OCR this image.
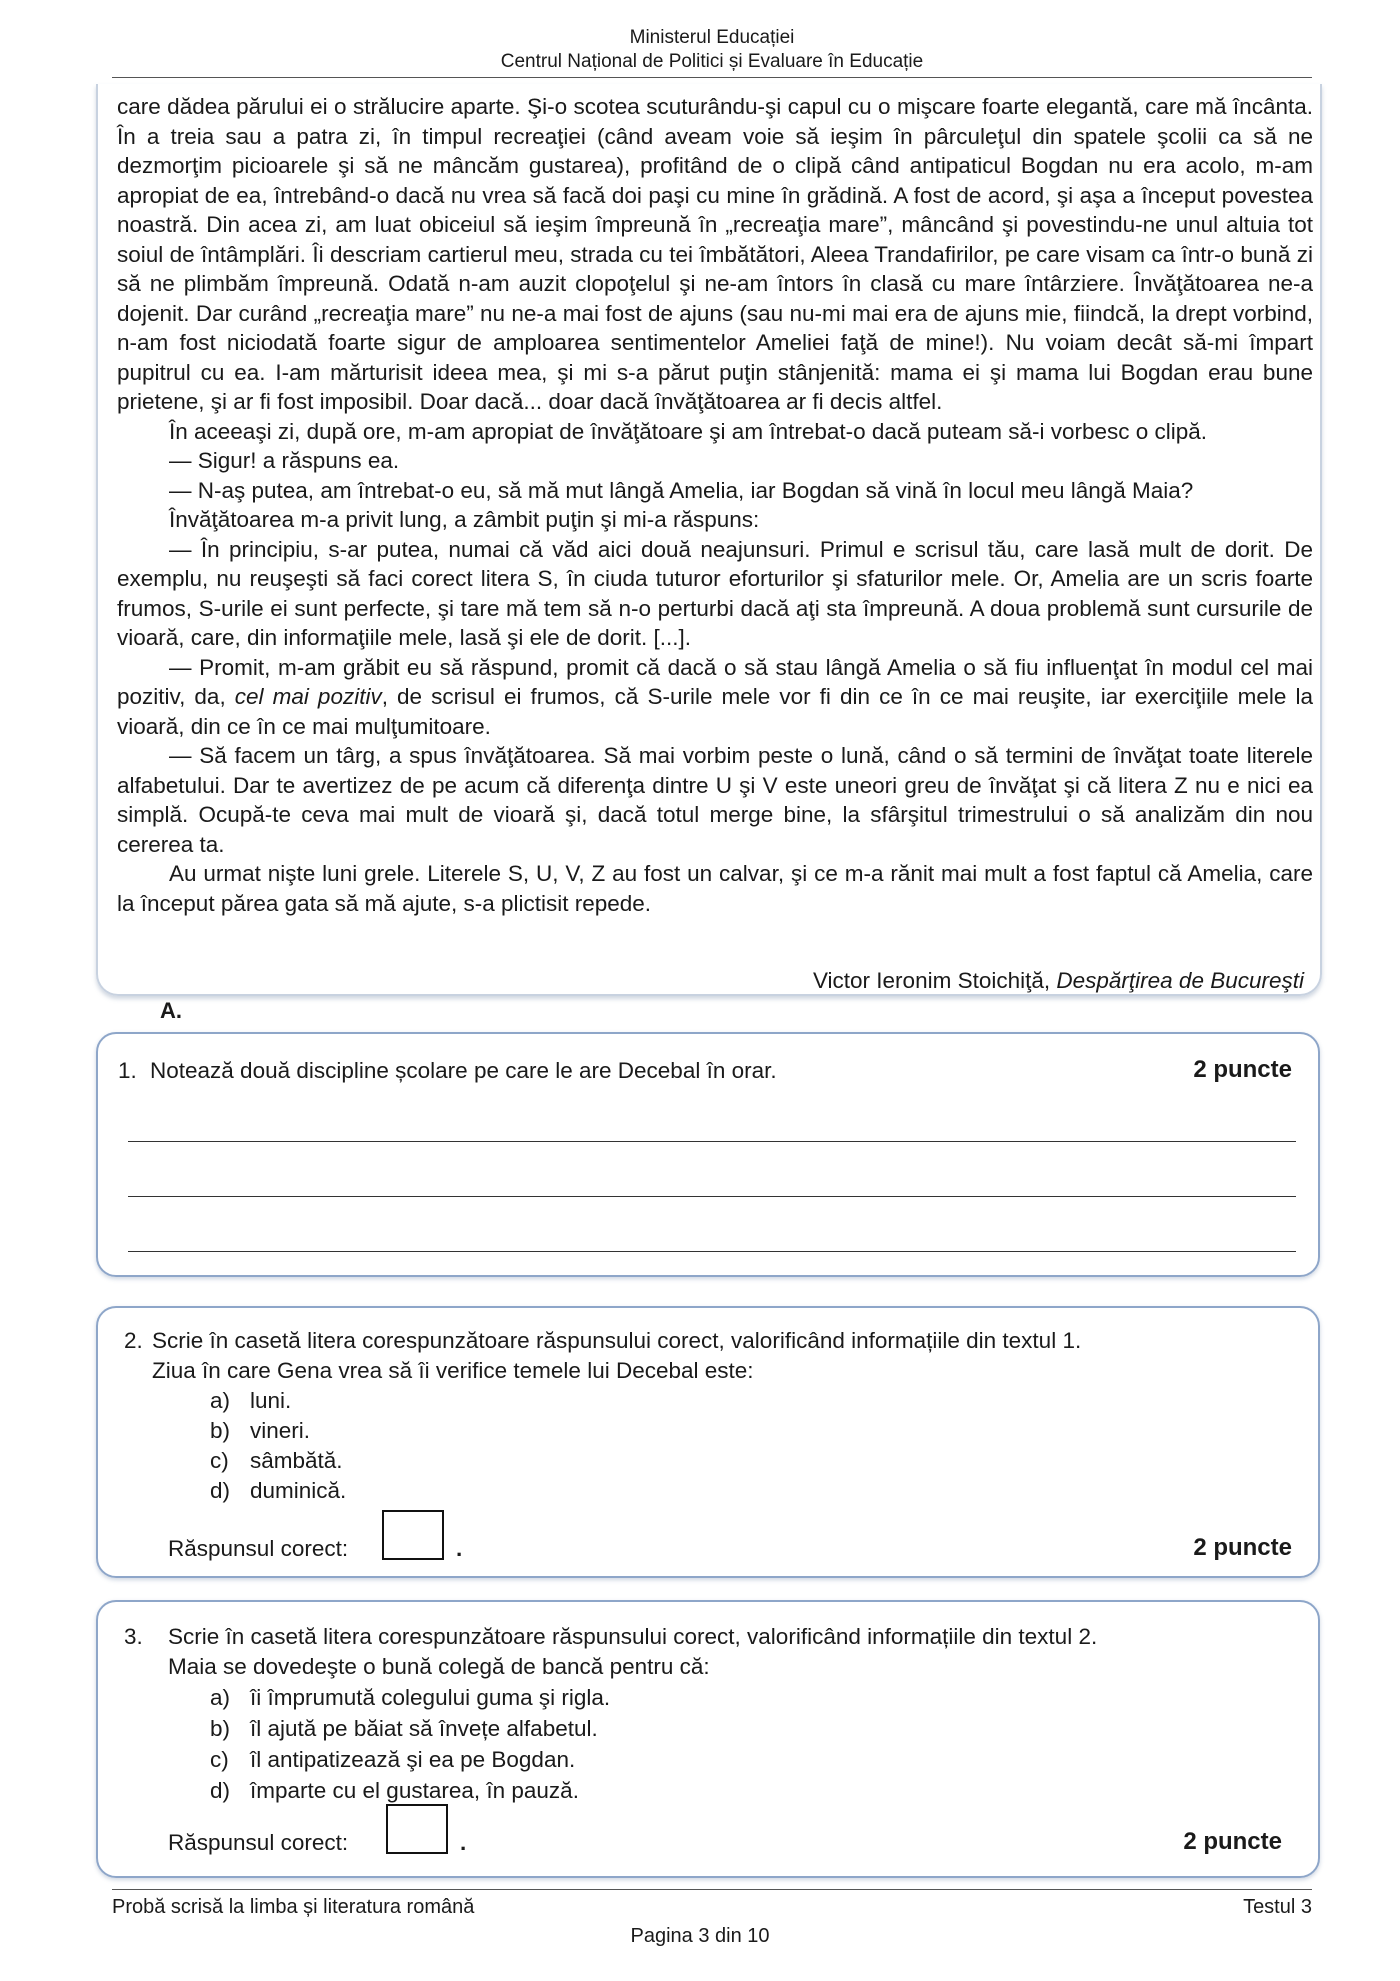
Ministerul Educației
Centrul Național de Politici și Evaluare în Educație

care dădea părului ei o strălucire aparte. Şi-o scotea scuturându-şi capul cu o mişcare foarte elegantă, care mă încânta. În a treia sau a patra zi, în timpul recreaţiei (când aveam voie să ieşim în pârculeţul din spatele şcolii ca să ne dezmorţim picioarele şi să ne mâncăm gustarea), profitând de o clipă când antipaticul Bogdan nu era acolo, m-am apropiat de ea, întrebând-o dacă nu vrea să facă doi paşi cu mine în grădină. A fost de acord, şi aşa a început povestea noastră. Din acea zi, am luat obiceiul să ieşim împreună în „recreaţia mare”, mâncând şi povestindu-ne unul altuia tot soiul de întâmplări. Îi descriam cartierul meu, strada cu tei îmbătători, Aleea Trandafirilor, pe care visam ca într-o bună zi să ne plimbăm împreună. Odată n-am auzit clopoţelul şi ne-am întors în clasă cu mare întârziere. Învăţătoarea ne-a dojenit. Dar curând „recreaţia mare” nu ne-a mai fost de ajuns (sau nu-mi mai era de ajuns mie, fiindcă, la drept vorbind, n-am fost niciodată foarte sigur de amploarea sentimentelor Ameliei faţă de mine!). Nu voiam decât să-mi împart pupitrul cu ea. I-am mărturisit ideea mea, şi mi s-a părut puţin stânjenită: mama ei şi mama lui Bogdan erau bune prietene, şi ar fi fost imposibil. Doar dacă... doar dacă învăţătoarea ar fi decis altfel.

În aceeaşi zi, după ore, m-am apropiat de învăţătoare şi am întrebat-o dacă puteam să-i vorbesc o clipă.

— Sigur! a răspuns ea.

— N-aş putea, am întrebat-o eu, să mă mut lângă Amelia, iar Bogdan să vină în locul meu lângă Maia?

Învăţătoarea m-a privit lung, a zâmbit puţin şi mi-a răspuns:

— În principiu, s-ar putea, numai că văd aici două neajunsuri. Primul e scrisul tău, care lasă mult de dorit. De exemplu, nu reuşeşti să faci corect litera S, în ciuda tuturor eforturilor şi sfaturilor mele. Or, Amelia are un scris foarte frumos, S-urile ei sunt perfecte, şi tare mă tem să n-o perturbi dacă aţi sta împreună. A doua problemă sunt cursurile de vioară, care, din informaţiile mele, lasă şi ele de dorit. [...].

— Promit, m-am grăbit eu să răspund, promit că dacă o să stau lângă Amelia o să fiu influenţat în modul cel mai pozitiv, da, cel mai pozitiv, de scrisul ei frumos, că S-urile mele vor fi din ce în ce mai reuşite, iar exerciţiile mele la vioară, din ce în ce mai mulţumitoare.

— Să facem un târg, a spus învăţătoarea. Să mai vorbim peste o lună, când o să termini de învăţat toate literele alfabetului. Dar te avertizez de pe acum că diferenţa dintre U şi V este uneori greu de învăţat şi că litera Z nu e nici ea simplă. Ocupă-te ceva mai mult de vioară şi, dacă totul merge bine, la sfârşitul trimestrului o să analizăm din nou cererea ta.

Au urmat nişte luni grele. Literele S, U, V, Z au fost un calvar, şi ce m-a rănit mai mult a fost faptul că Amelia, care la început părea gata să mă ajute, s-a plictisit repede.

Victor Ieronim Stoichiţă, Despărţirea de Bucureşti
A.
1. Notează două discipline școlare pe care le are Decebal în orar.	2 puncte
2. Scrie în casetă litera corespunzătoare răspunsului corect, valorificând informațiile din textul 1.
Ziua în care Gena vrea să îi verifice temele lui Decebal este:
a) luni.
b) vineri.
c) sâmbătă.
d) duminică.
Răspunsul corect:	.	2 puncte
3. Scrie în casetă litera corespunzătoare răspunsului corect, valorificând informațiile din textul 2.
Maia se dovedeşte o bună colegă de bancă pentru că:
a) îi împrumută colegului guma şi rigla.
b) îl ajută pe băiat să învețe alfabetul.
c) îl antipatizează şi ea pe Bogdan.
d) împarte cu el gustarea, în pauză.
Răspunsul corect:	.	2 puncte
Probă scrisă la limba și literatura română	Testul 3
Pagina 3 din 10
